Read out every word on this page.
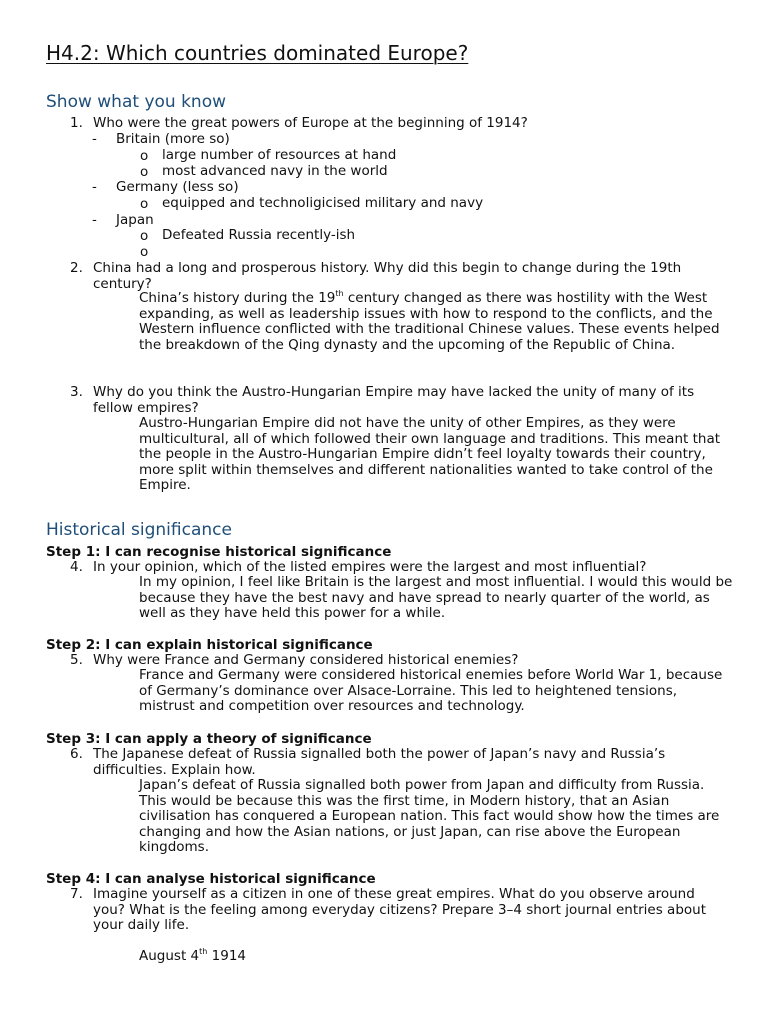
H4.2: Which countries dominated Europe?
Show what you know
1. Who were the great powers of Europe at the beginning of 1914?
- Britain (more so)
o large number of resources at hand
o most advanced navy in the world
- Germany (less so)
o equipped and technoligicised military and navy
- Japan
o Defeated Russia recently-ish
o
2. China had a long and prosperous history. Why did this begin to change during the 19th century?

China’s history during the 19th century changed as there was hostility with the West expanding, as well as leadership issues with how to respond to the conflicts, and the Western influence conflicted with the traditional Chinese values. These events helped the breakdown of the Qing dynasty and the upcoming of the Republic of China.

3. Why do you think the Austro-Hungarian Empire may have lacked the unity of many of its fellow empires?

Austro-Hungarian Empire did not have the unity of other Empires, as they were multicultural, all of which followed their own language and traditions. This meant that the people in the Austro-Hungarian Empire didn’t feel loyalty towards their country, more split within themselves and different nationalities wanted to take control of the Empire.

Historical significance
Step 1: I can recognise historical significance
4. In your opinion, which of the listed empires were the largest and most influential?

In my opinion, I feel like Britain is the largest and most influential. I would this would be because they have the best navy and have spread to nearly quarter of the world, as well as they have held this power for a while.

Step 2: I can explain historical significance
5. Why were France and Germany considered historical enemies?

France and Germany were considered historical enemies before World War 1, because of Germany’s dominance over Alsace-Lorraine. This led to heightened tensions, mistrust and competition over resources and technology.

Step 3: I can apply a theory of significance
6. The Japanese defeat of Russia signalled both the power of Japan’s navy and Russia’s difficulties. Explain how.

Japan’s defeat of Russia signalled both power from Japan and difficulty from Russia. This would be because this was the first time, in Modern history, that an Asian civilisation has conquered a European nation. This fact would show how the times are changing and how the Asian nations, or just Japan, can rise above the European kingdoms.

Step 4: I can analyse historical significance
7. Imagine yourself as a citizen in one of these great empires. What do you observe around you? What is the feeling among everyday citizens? Prepare 3–4 short journal entries about your daily life.

August 4th 1914
